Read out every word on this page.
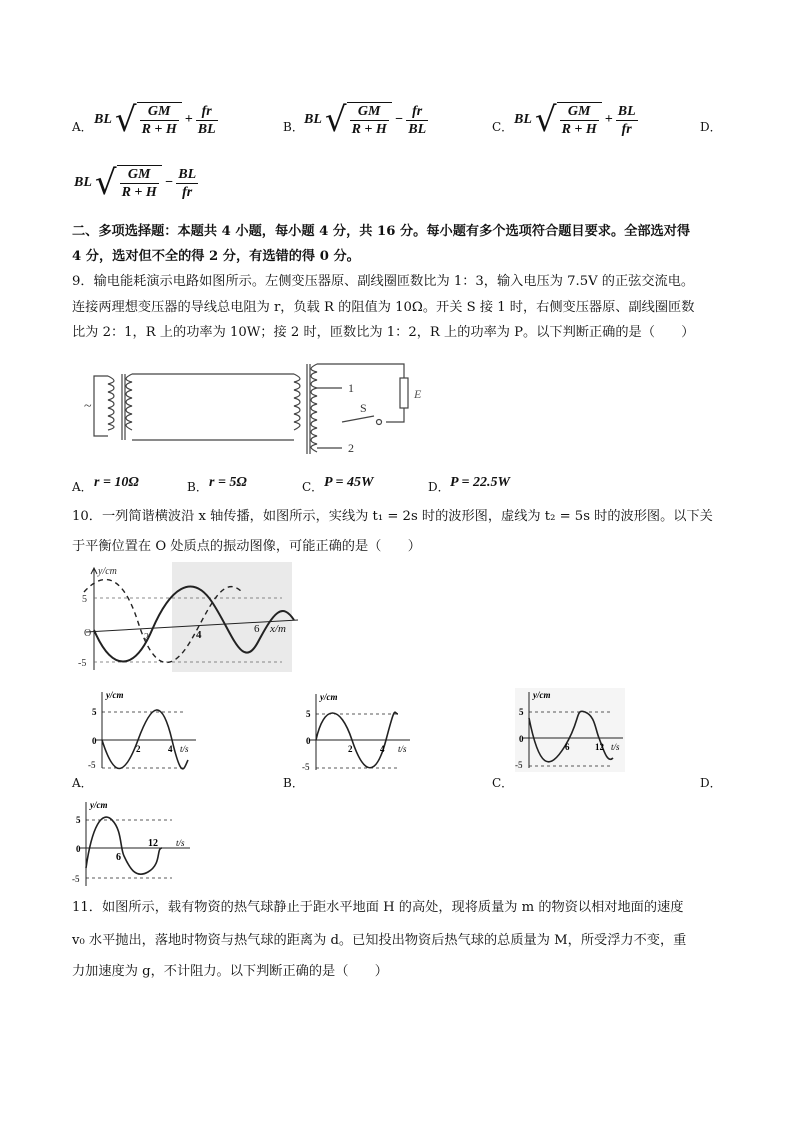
A． BL √ $\frac{GM}{R + H} + \frac{fr}{BL}$	B． BL √ $\frac{GM}{R + H} - \frac{fr}{BL}$	C． BL √ $\frac{GM}{R + H} + \frac{BL}{fr}$	D．
BL √ $\frac{GM}{R + H} - \frac{BL}{fr}$
二、多项选择题：本题共 4 小题，每小题 4 分，共 16 分。每小题有多个选项符合题目要求。全部选对得
4 分，选对但不全的得 2 分，有选错的得 0 分。
9．输电能耗演示电路如图所示。左侧变压器原、副线圈匝数比为 1：3，输入电压为 7.5V 的正弦交流电。
连接两理想变压器的导线总电阻为 r，负载 R 的阻值为 10Ω。开关 S 接 1 时，右侧变压器原、副线圈匝数
比为 2：1，R 上的功率为 10W；接 2 时，匝数比为 1：2，R 上的功率为 P。以下判断正确的是（　　）
1
2
S
E
~
A． r = 10Ω	B． r = 5Ω	C． P = 45W	D． P = 22.5W
10．一列简谐横波沿 x 轴传播，如图所示，实线为 t₁ = 2s 时的波形图，虚线为 t₂ = 5s 时的波形图。以下关
于平衡位置在 O 处质点的振动图像，可能正确的是（　　）
y/cm
5
-5
O	2	4	6 x/m
y/cm
5
0
-5
2	4 t/s
A．
y/cm
5
0
-5
2	4 t/s
B．
y/cm
5
0
-5
6	12 t/s
C．	D．
y/cm
5
0
-5
6
12 t/s
11．如图所示，载有物资的热气球静止于距水平地面 H 的高处，现将质量为 m 的物资以相对地面的速度
v₀ 水平抛出，落地时物资与热气球的距离为 d。已知投出物资后热气球的总质量为 M，所受浮力不变，重
力加速度为 g，不计阻力。以下判断正确的是（　　）
